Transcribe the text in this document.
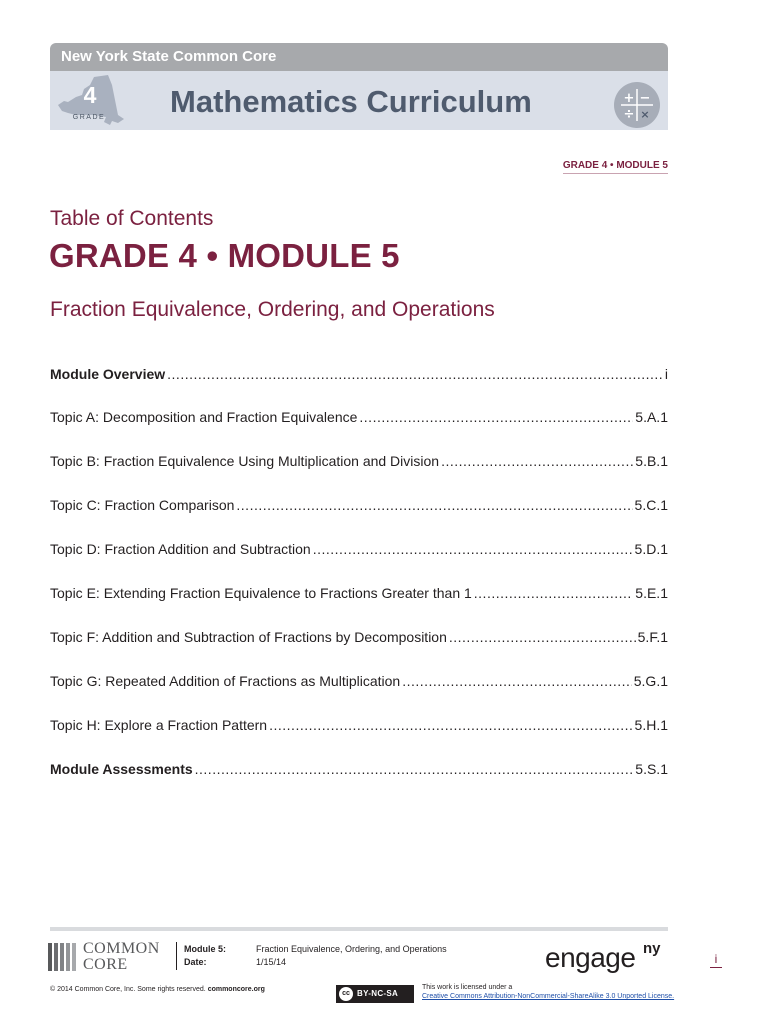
New York State Common Core
4
GRADE Mathematics Curriculum	+ −
÷ ×
GRADE 4 • MODULE 5
Table of Contents
GRADE 4 • MODULE 5
Fraction Equivalence, Ordering, and Operations
Module Overview .....	i
Topic A: Decomposition and Fraction Equivalence .....	5.A.1
Topic B: Fraction Equivalence Using Multiplication and Division .....	5.B.1
Topic C: Fraction Comparison .....	5.C.1
Topic D: Fraction Addition and Subtraction .....	5.D.1
Topic E: Extending Fraction Equivalence to Fractions Greater than 1 .....	5.E.1
Topic F: Addition and Subtraction of Fractions by Decomposition .....	5.F.1
Topic G: Repeated Addition of Fractions as Multiplication .....	5.G.1
Topic H: Explore a Fraction Pattern .....	5.H.1
Module Assessments .....	5.S.1
COMMON
CORE
Module 5:	Fraction Equivalence, Ordering, and Operations
Date:	1/15/14	engage ny
i
© 2014 Common Core, Inc. Some rights reserved. commoncore.org
cc BY-NC-SA
This work is licensed under a
Creative Commons Attribution-NonCommercial-ShareAlike 3.0 Unported License.
